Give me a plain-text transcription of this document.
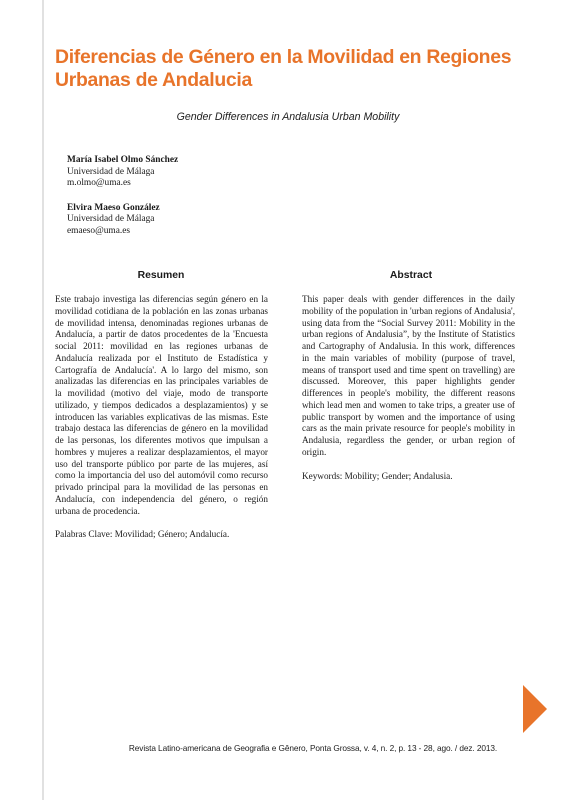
Diferencias de Género en la Movilidad en Regiones Urbanas de Andalucia
Gender Differences in Andalusia Urban Mobility
María Isabel Olmo Sánchez
Universidad de Málaga
m.olmo@uma.es
Elvira Maeso González
Universidad de Málaga
emaeso@uma.es
Resumen	Abstract

Este trabajo investiga las diferencias según género en la movilidad cotidiana de la población en las zonas urbanas de movilidad intensa, denominadas regiones urbanas de Andalucía, a partir de datos procedentes de la 'Encuesta social 2011: movilidad en las regiones urbanas de Andalucía realizada por el Instituto de Estadística y Cartografía de Andalucía'. A lo largo del mismo, son analizadas las diferencias en las principales variables de la movilidad (motivo del viaje, modo de transporte utilizado, y tiempos dedicados a desplazamientos) y se introducen las variables explicativas de las mismas. Este trabajo destaca las diferencias de género en la movilidad de las personas, los diferentes motivos que impulsan a hombres y mujeres a realizar desplazamientos, el mayor uso del transporte público por parte de las mujeres, así como la importancia del uso del automóvil como recurso privado principal para la movilidad de las personas en Andalucía, con independencia del género, o región urbana de procedencia.

Palabras Clave: Movilidad; Género; Andalucía.

This paper deals with gender differences in the daily mobility of the population in 'urban regions of Andalusia', using data from the “Social Survey 2011: Mobility in the urban regions of Andalusia”, by the Institute of Statistics and Cartography of Andalusia. In this work, differences in the main variables of mobility (purpose of travel, means of transport used and time spent on travelling) are discussed. Moreover, this paper highlights gender differences in people's mobility, the different reasons which lead men and women to take trips, a greater use of public transport by women and the importance of using cars as the main private resource for people's mobility in Andalusia, regardless the gender, or urban region of origin.

Keywords: Mobility; Gender; Andalusia.

Revista Latino-americana de Geografia e Gênero, Ponta Grossa, v. 4, n. 2, p. 13 - 28, ago. / dez. 2013.
